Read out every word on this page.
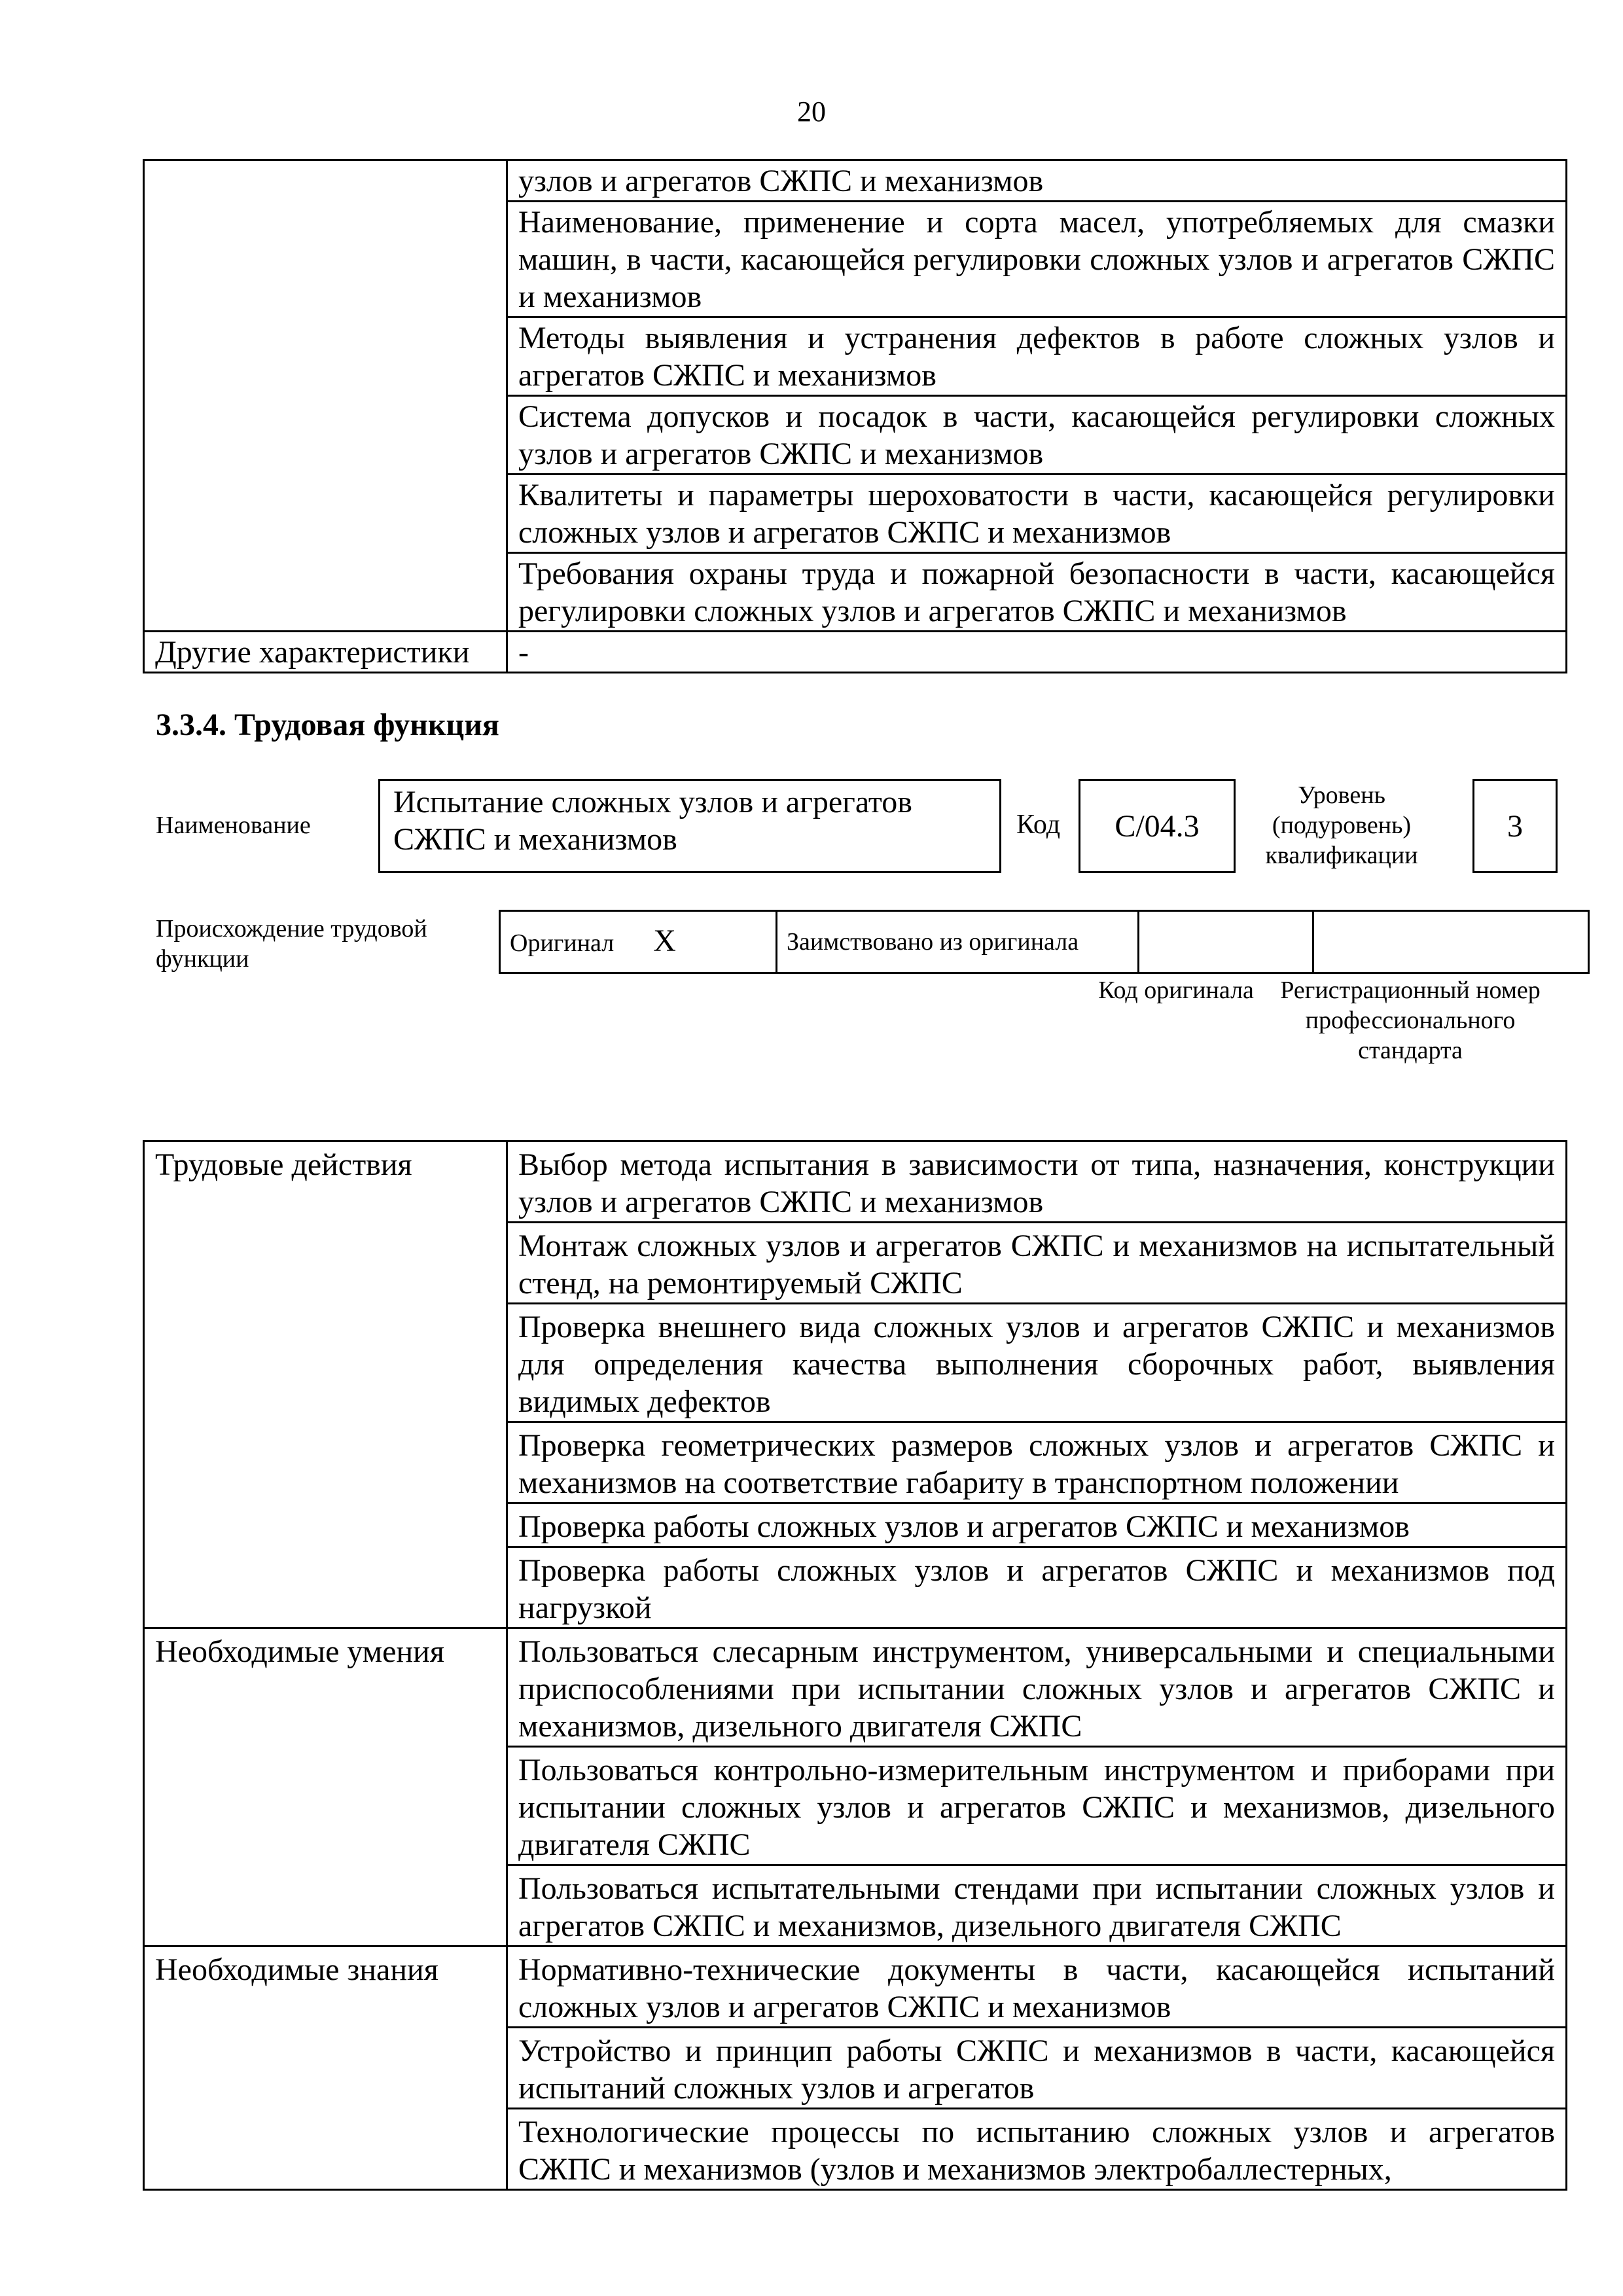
20
	узлов и агрегатов СЖПС и механизмов
	Наименование, применение и сорта масел, употребляемых для смазки машин, в части, касающейся регулировки сложных узлов и агрегатов СЖПС и механизмов
	Методы выявления и устранения дефектов в работе сложных узлов и агрегатов СЖПС и механизмов
	Система допусков и посадок в части, касающейся регулировки сложных узлов и агрегатов СЖПС и механизмов
	Квалитеты и параметры шероховатости в части, касающейся регулировки сложных узлов и агрегатов СЖПС и механизмов
	Требования охраны труда и пожарной безопасности в части, касающейся регулировки сложных узлов и агрегатов СЖПС и механизмов
Другие характеристики	-
3.3.4. Трудовая функция
Наименование
Испытание сложных узлов и агрегатов СЖПС и механизмов	Код С/04.3
Уровень (подуровень) квалификации
3
Происхождение трудовой функции
Оригинал X	Заимствовано из оригинала		
Код оригинала	Регистрационный номер профессионального стандарта
Трудовые действия	Выбор метода испытания в зависимости от типа, назначения, конструкции узлов и агрегатов СЖПС и механизмов
	Монтаж сложных узлов и агрегатов СЖПС и механизмов на испытательный стенд, на ремонтируемый СЖПС
	Проверка внешнего вида сложных узлов и агрегатов СЖПС и механизмов для определения качества выполнения сборочных работ, выявления видимых дефектов
	Проверка геометрических размеров сложных узлов и агрегатов СЖПС и механизмов на соответствие габариту в транспортном положении
	Проверка работы сложных узлов и агрегатов СЖПС и механизмов
	Проверка работы сложных узлов и агрегатов СЖПС и механизмов под нагрузкой
Необходимые умения	Пользоваться слесарным инструментом, универсальными и специальными приспособлениями при испытании сложных узлов и агрегатов СЖПС и механизмов, дизельного двигателя СЖПС
	Пользоваться контрольно-измерительным инструментом и приборами при испытании сложных узлов и агрегатов СЖПС и механизмов, дизельного двигателя СЖПС
	Пользоваться испытательными стендами при испытании сложных узлов и агрегатов СЖПС и механизмов, дизельного двигателя СЖПС
Необходимые знания	Нормативно-технические документы в части, касающейся испытаний сложных узлов и агрегатов СЖПС и механизмов
	Устройство и принцип работы СЖПС и механизмов в части, касающейся испытаний сложных узлов и агрегатов
	Технологические процессы по испытанию сложных узлов и агрегатов СЖПС и механизмов (узлов и механизмов электробаллестерных,
